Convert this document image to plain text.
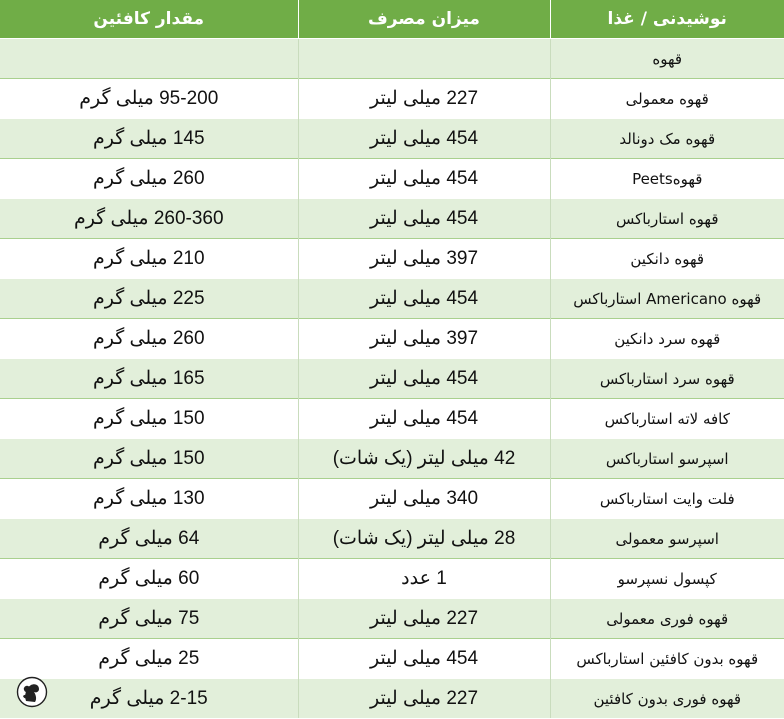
مقدار کافئین	میزان مصرف	نوشیدنی / غذا
		قهوه
95-200 میلی گرم	227 میلی لیتر	قهوه معمولی
145 میلی گرم	454 میلی لیتر	قهوه مک دونالد
260 میلی گرم	454 میلی لیتر	قهوهPeets
260-360 میلی گرم	454 میلی لیتر	قهوه استارباکس
210 میلی گرم	397 میلی لیتر	قهوه دانکین
225 میلی گرم	454 میلی لیتر	قهوه Americano استارباکس
260 میلی گرم	397 میلی لیتر	قهوه سرد دانکین
165 میلی گرم	454 میلی لیتر	قهوه سرد استارباکس
150 میلی گرم	454 میلی لیتر	کافه لاته استارباکس
150 میلی گرم	42 میلی لیتر (یک شات)	اسپرسو استارباکس
130 میلی گرم	340 میلی لیتر	فلت وایت استارباکس
64 میلی گرم	28 میلی لیتر (یک شات)	اسپرسو معمولی
60 میلی گرم	1 عدد	کپسول نسپرسو
75 میلی گرم	227 میلی لیتر	قهوه فوری معمولی
25 میلی گرم	454 میلی لیتر	قهوه بدون کافئین استارباکس
2-15 میلی گرم	227 میلی لیتر	قهوه فوری بدون کافئین
